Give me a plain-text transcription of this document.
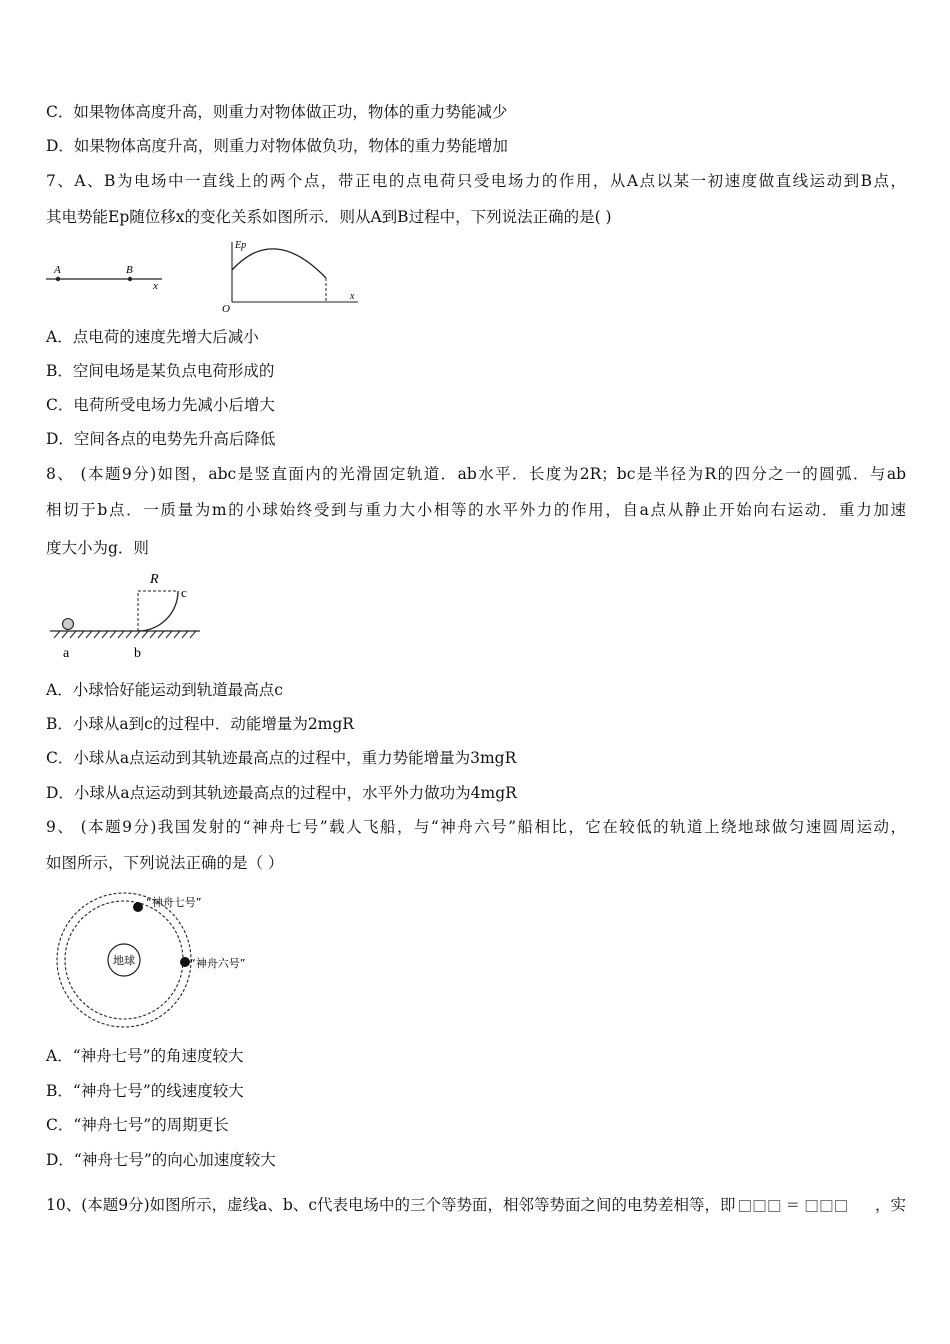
C．如果物体高度升高，则重力对物体做正功，物体的重力势能减少
D．如果物体高度升高，则重力对物体做负功，物体的重力势能增加
7、A、B为电场中一直线上的两个点，带正电的点电荷只受电场力的作用，从A点以某一初速度做直线运动到B点，
其电势能Ep随位移x的变化关系如图所示．则从A到B过程中，下列说法正确的是( )
A	B
x
Ep
O
x
A．点电荷的速度先增大后减小
B．空间电场是某负点电荷形成的
C．电荷所受电场力先减小后增大
D．空间各点的电势先升高后降低
8、 (本题9分)如图，abc是竖直面内的光滑固定轨道．ab水平．长度为2R；bc是半径为R的四分之一的圆弧．与ab
相切于b点．一质量为m的小球始终受到与重力大小相等的水平外力的作用，自a点从静止开始向右运动．重力加速
度大小为g．则
R
c
a	b
A．小球恰好能运动到轨道最高点c
B．小球从a到c的过程中．动能增量为2mgR
C．小球从a点运动到其轨迹最高点的过程中，重力势能增量为3mgR
D．小球从a点运动到其轨迹最高点的过程中，水平外力做功为4mgR
9、 (本题9分)我国发射的“神舟七号”载人飞船，与“神舟六号”船相比，它在较低的轨道上绕地球做匀速圆周运动，
如图所示，下列说法正确的是（ ）
地球
“神舟七号”
“神舟六号”
A．“神舟七号”的角速度较大
B．“神舟七号”的线速度较大
C．“神舟七号”的周期更长
D．“神舟七号”的向心加速度较大
10、(本题9分)如图所示，虚线a、b、c代表电场中的三个等势面，相邻等势面之间的电势差相等，即 □□□ = □□□ ，实
